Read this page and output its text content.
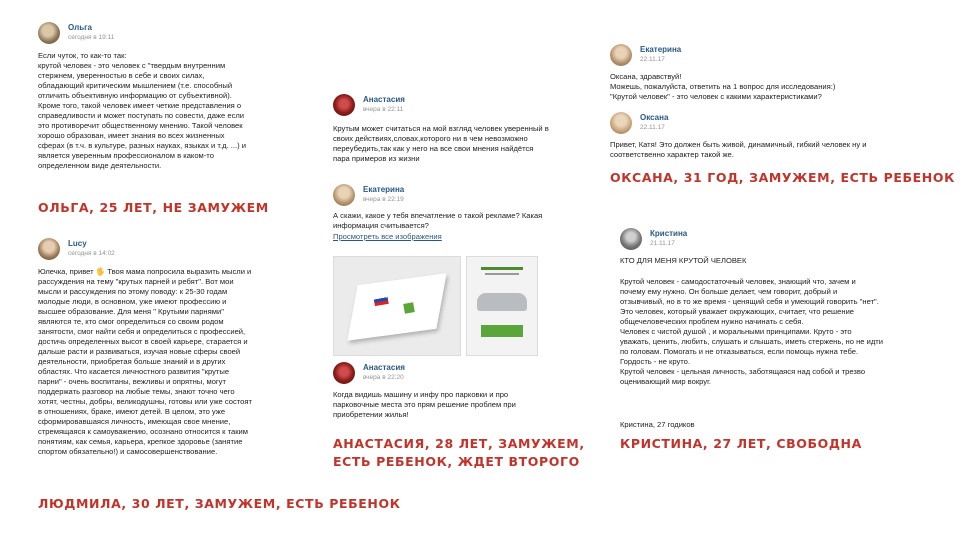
Ольга
сегодня в 19:11
Если чуток, то как-то так:
крутой человек - это человек с "твердым внутренним
стержнем, уверенностью в себе и своих силах,
обладающий критическим мышлением (т.е. способный
отличить объективную информацию от субъективной).
Кроме того, такой человек имеет четкие представления о
справедливости и может поступать по совести, даже если
это противоречит общественному мнению. Такой человек
хорошо образован, имеет знания во всех жизненных
сферах (в т.ч. в культуре, разных науках, языках и т.д. ...) и
является уверенным профессионалом в каком-то
определенном виде деятельности.
ОЛЬГА, 25 ЛЕТ, НЕ ЗАМУЖЕМ
Lucy
сегодня в 14:02
Юлечка, привет 🖐 Твоя мама попросила выразить мысли и
рассуждения на тему "крутых парней и ребят". Вот мои
мысли и рассуждения по этому поводу: к 25-30 годам
молодые люди, в основном, уже имеют профессию и
высшее образование. Для меня " Крутыми парнями"
являются те, кто смог определиться со своим родом
занятости, смог найти себя и определиться с профессией,
достичь определенных высот в своей карьере, старается и
дальше расти и развиваться, изучая новые сферы своей
деятельности, приобретая больше знаний и в других
областях. Что касается личностного развития "крутые
парни" - очень воспитаны, вежливы и опрятны, могут
поддержать разговор на любые темы, знают точно чего
хотят, честны, добры, великодушны, готовы или уже состоят
в отношениях, браке, имеют детей. В целом, это уже
сформировавшаяся личность, имеющая свое мнение,
стремящаяся к самоуважению, осознано относится к таким
понятиям, как семья, карьера, крепкое здоровье (занятие
спортом обязательно!) и самосовершенствование.
ЛЮДМИЛА, 30 ЛЕТ, ЗАМУЖЕМ, ЕСТЬ РЕБЕНОК
Анастасия
вчера в 22:11
Крутым может считаться на мой взгляд человек уверенный в
своих действиях,словах,которого ни в чем невозможно
переубедить,так как у него на все свои мнения найдётся
пара примеров из жизни
Екатерина
вчера в 22:19
А скажи, какое у тебя впечатление о такой рекламе? Какая
информация считывается?
Просмотреть все изображения
Анастасия
вчера в 22:20
Когда видишь машину и инфу про парковки и про
парковочные места это прям решение проблем при
приобретении жилья!
АНАСТАСИЯ, 28 ЛЕТ, ЗАМУЖЕМ,
ЕСТЬ РЕБЕНОК, ЖДЕТ ВТОРОГО
Екатерина
22.11.17
Оксана, здравствуй!
Можешь, пожалуйста, ответить на 1 вопрос для исследования:)
"Крутой человек" - это человек с какими характеристиками?
Оксана
22.11.17
Привет, Катя! Это должен быть живой, динамичный, гибкий человек ну и
соответственно характер такой же.
ОКСАНА, 31 ГОД, ЗАМУЖЕМ, ЕСТЬ РЕБЕНОК
Кристина
21.11.17
КТО ДЛЯ МЕНЯ КРУТОЙ ЧЕЛОВЕК
Крутой человек - самодостаточный человек, знающий что, зачем и
почему ему нужно. Он больше делает, чем говорит, добрый и
отзывчивый, но в то же время - ценящий себя и умеющий говорить "нет".
Это человек, который уважает окружающих, считает, что решение
общечеловеческих проблем нужно начинать с себя.
Человек с чистой душой , и моральными принципами. Круто - это
уважать, ценить, любить, слушать и слышать, иметь стержень, но не идти
по головам. Помогать и не отказываться, если помощь нужна тебе.
Гордость - не круто.
Крутой человек - цельная личность, заботящаяся над собой и трезво
оценивающий мир вокруг.
Кристина, 27 годиков
КРИСТИНА, 27 ЛЕТ, СВОБОДНА
